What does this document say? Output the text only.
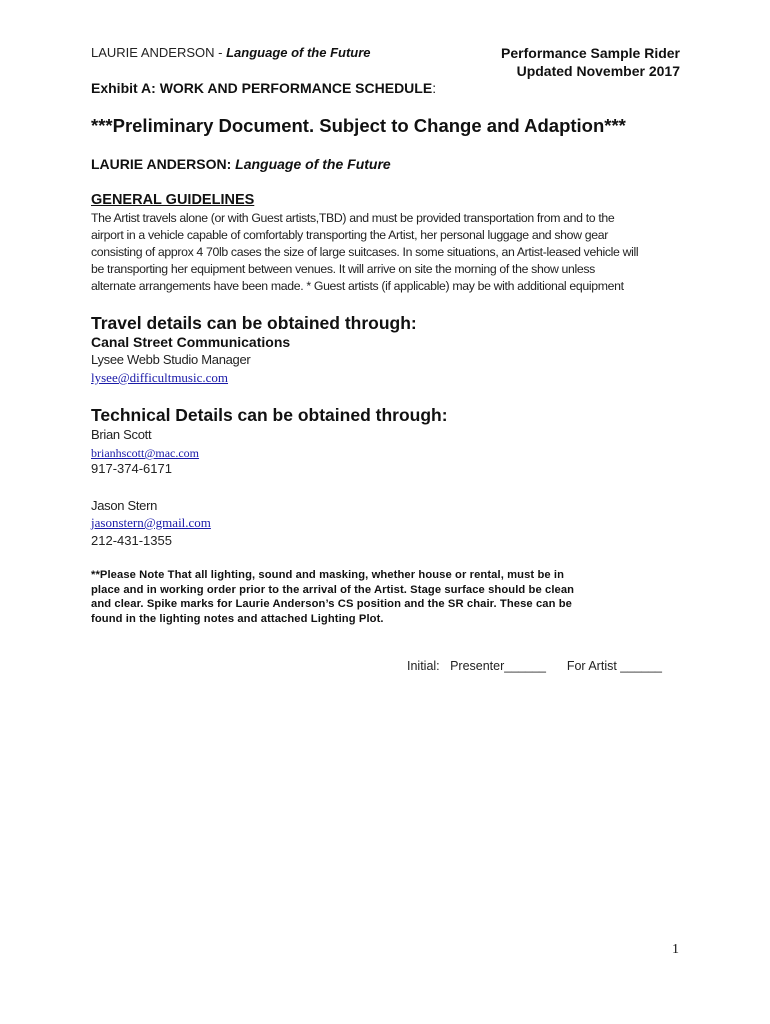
LAURIE ANDERSON - Language of the Future	Performance Sample Rider
Updated November 2017
Exhibit A: WORK AND PERFORMANCE SCHEDULE:
***Preliminary Document. Subject to Change and Adaption***
LAURIE ANDERSON: Language of the Future
GENERAL GUIDELINES
The Artist travels alone (or with Guest artists,TBD) and must be provided transportation from and to the
airport in a vehicle capable of comfortably transporting the Artist, her personal luggage and show gear
consisting of approx 4 70lb cases the size of large suitcases. In some situations, an Artist-leased vehicle will
be transporting her equipment between venues. It will arrive on site the morning of the show unless
alternate arrangements have been made. * Guest artists (if applicable) may be with additional equipment
Travel details can be obtained through:
Canal Street Communications
Lysee Webb Studio Manager
lysee@difficultmusic.com
Technical Details can be obtained through:
Brian Scott
brianhscott@mac.com
917-374-6171
Jason Stern
jasonstern@gmail.com
212-431-1355
**Please Note That all lighting, sound and masking, whether house or rental, must be in
place and in working order prior to the arrival of the Artist. Stage surface should be clean
and clear. Spike marks for Laurie Anderson’s CS position and the SR chair. These can be
found in the lighting notes and attached Lighting Plot.
Initial:   Presenter______      For Artist ______
1
